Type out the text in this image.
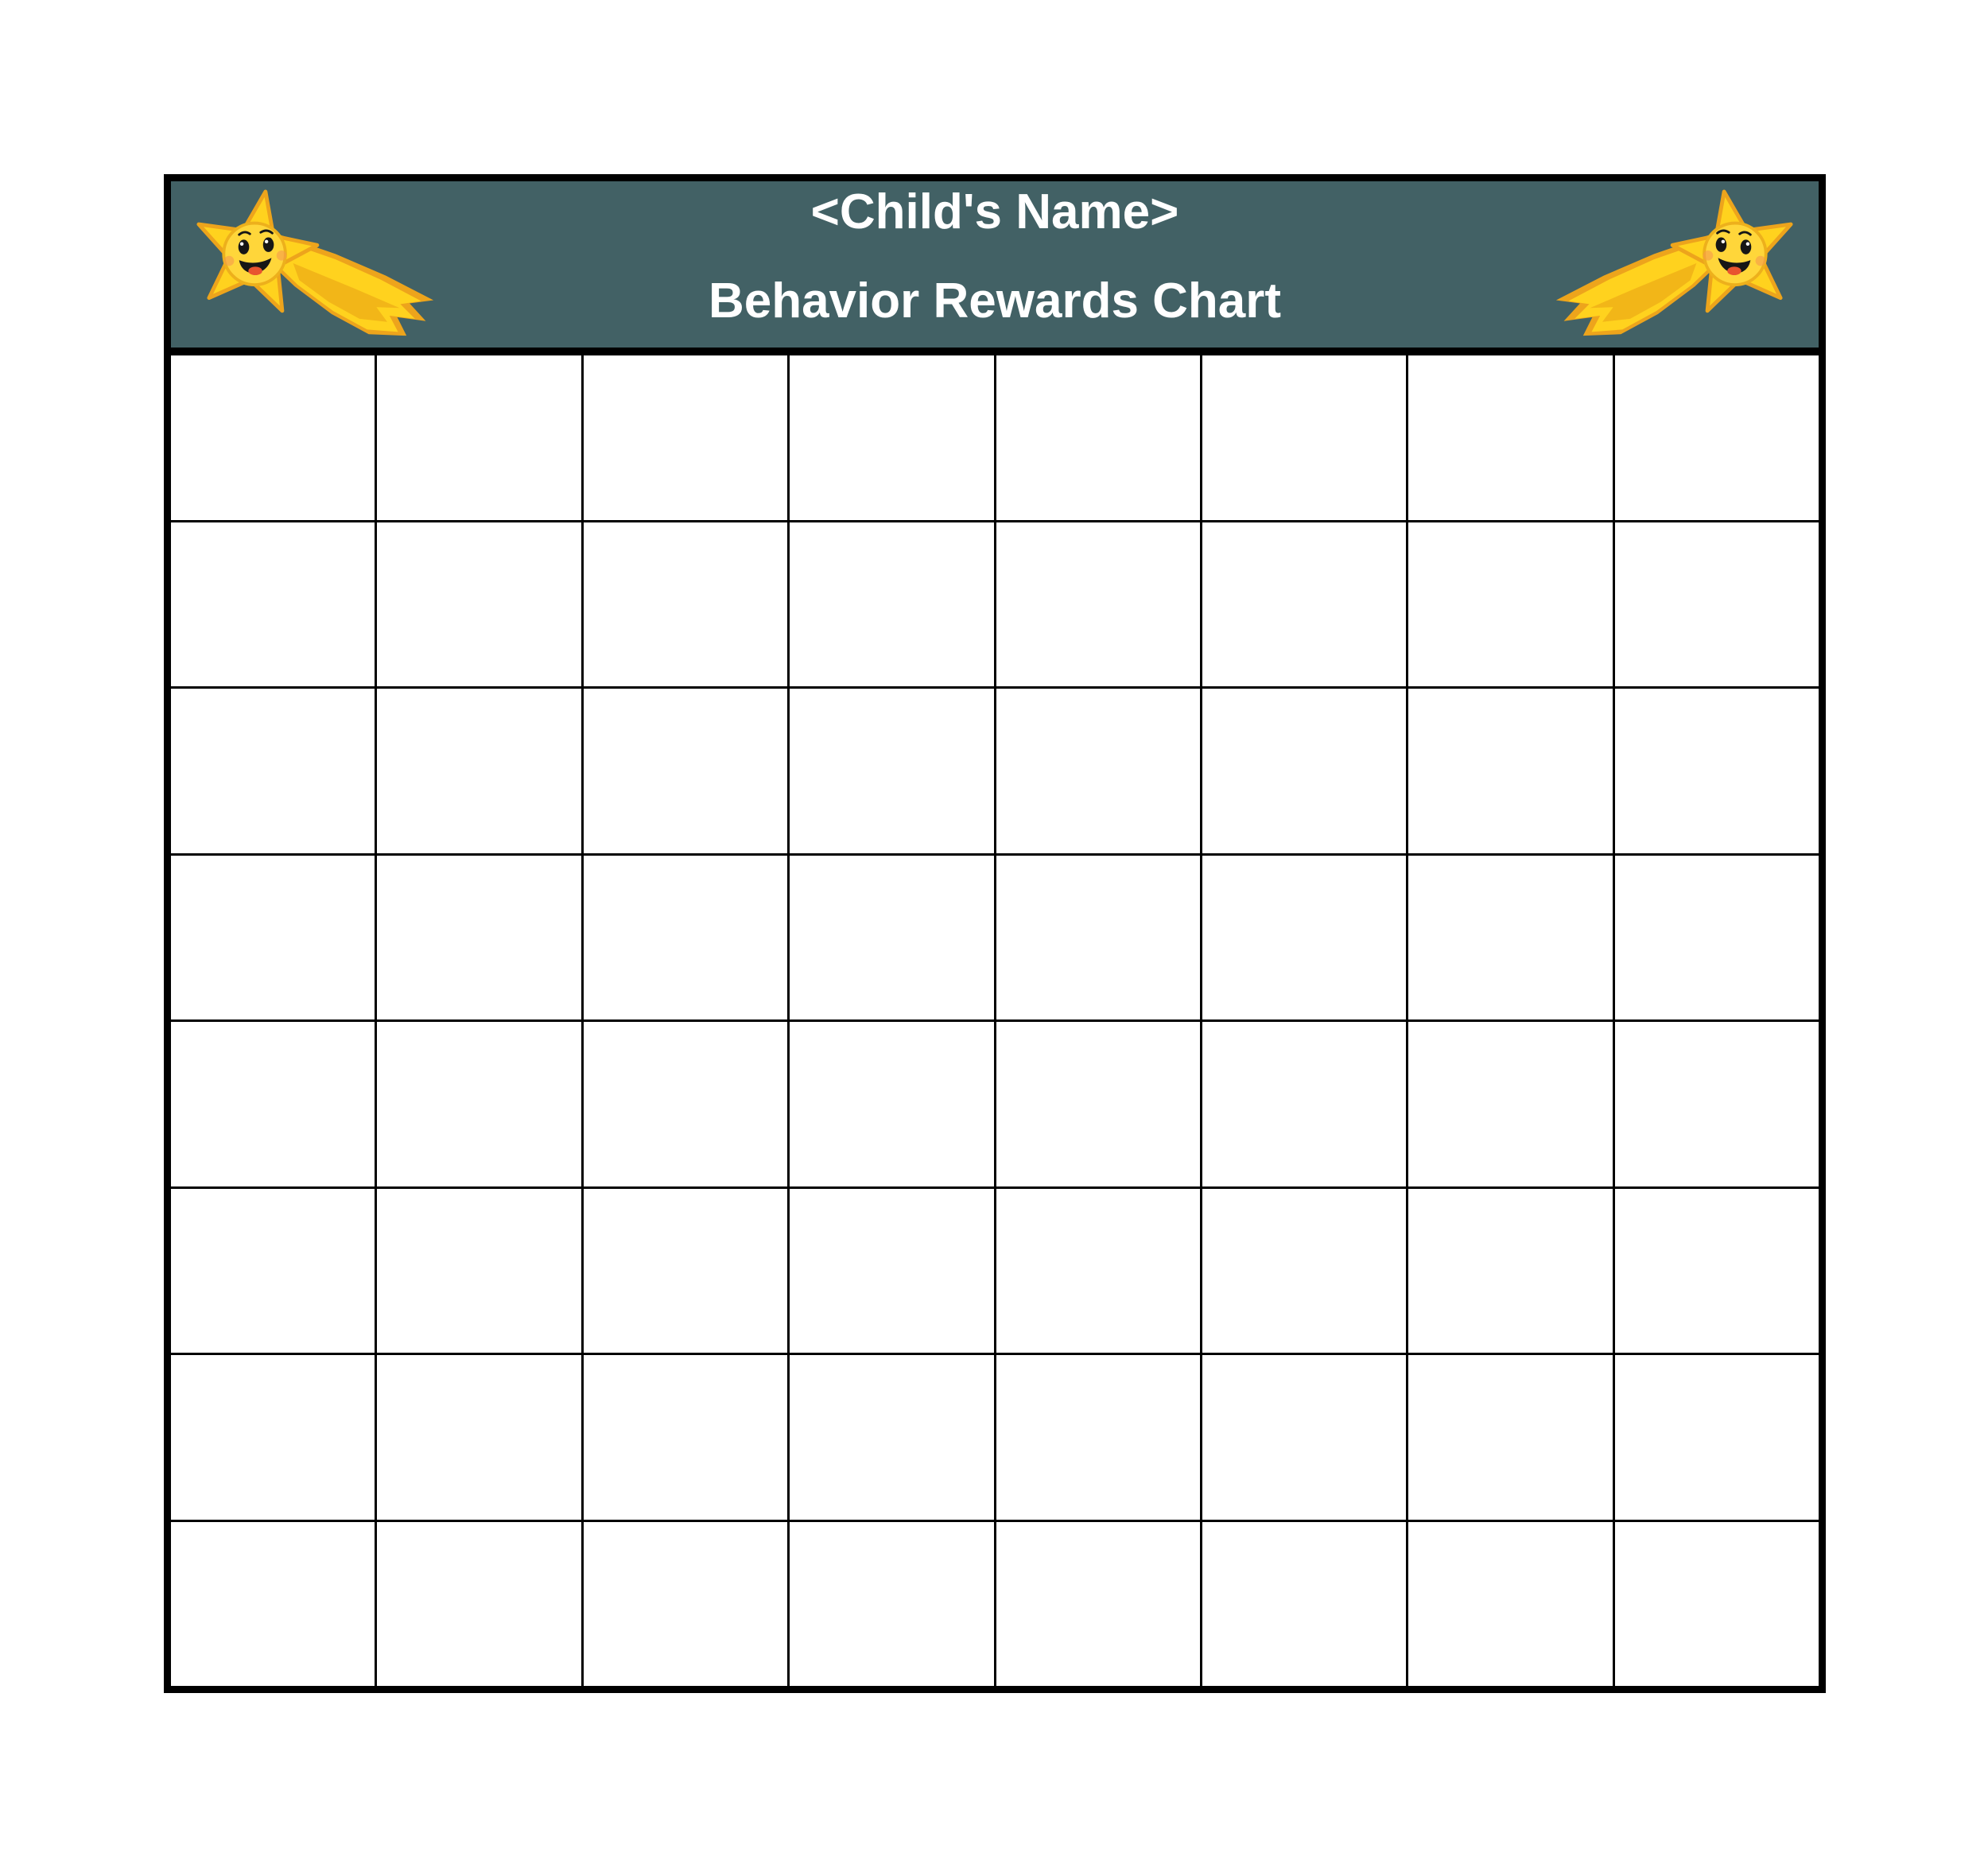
<Child's Name>
Behavior Rewards Chart
